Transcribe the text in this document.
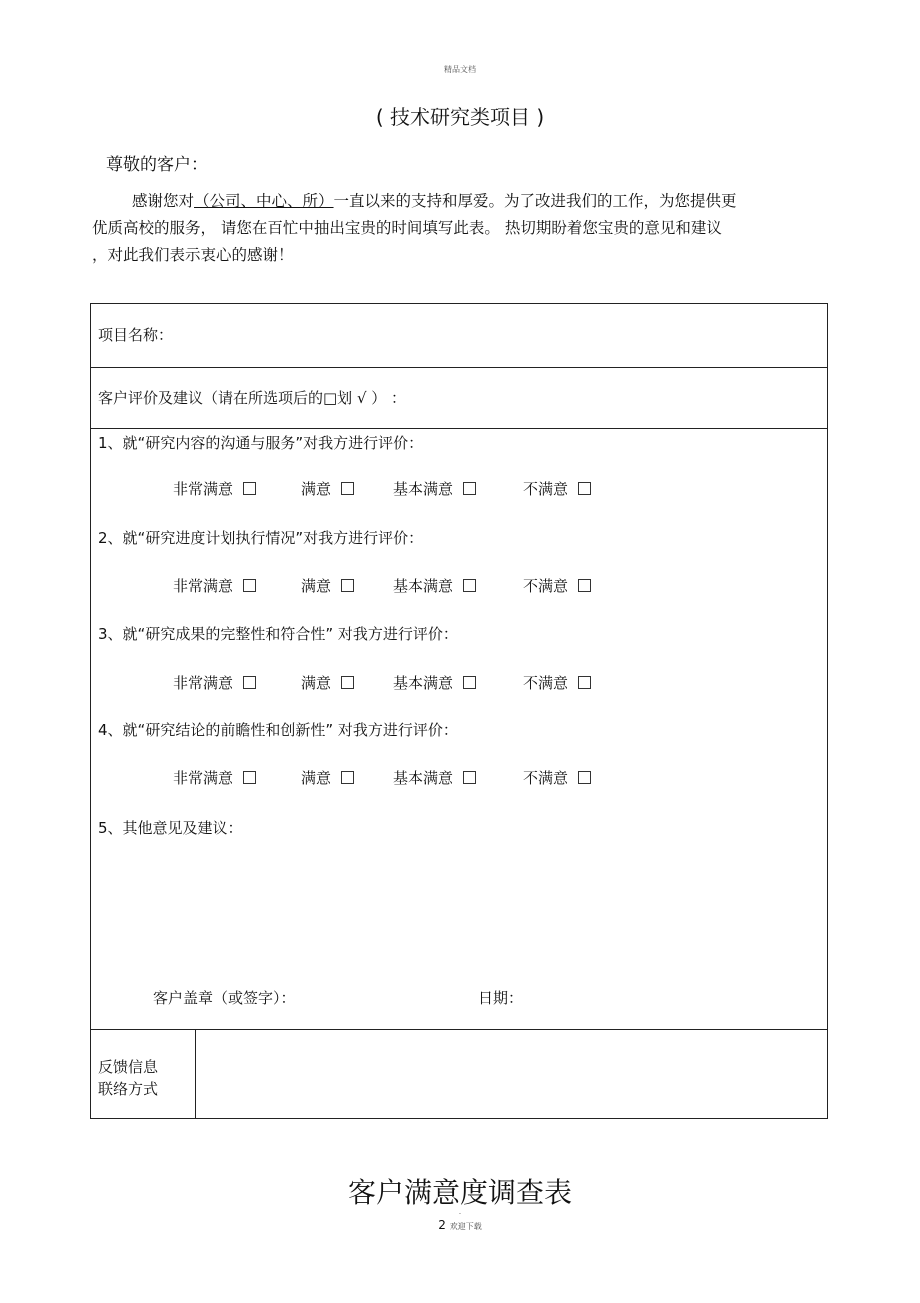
精品文档
( 技术研究类项目 )
尊敬的客户：
感谢您对（公司、中心、所）一直以来的支持和厚爱。为了改进我们的工作，为您提供更
优质高校的服务， 请您在百忙中抽出宝贵的时间填写此表。 热切期盼着您宝贵的意见和建议
，对此我们表示衷心的感谢！
项目名称：
客户评价及建议（请在所选项后的□划 √ ） ：
1、就“研究内容的沟通与服务”对我方进行评价：
非常满意	满意	基本满意	不满意
2、就“研究进度计划执行情况”对我方进行评价：
非常满意	满意	基本满意	不满意
3、就“研究成果的完整性和符合性” 对我方进行评价：
非常满意	满意	基本满意	不满意
4、就“研究结论的前瞻性和创新性” 对我方进行评价：
非常满意	满意	基本满意	不满意
5、其他意见及建议：
客户盖章（或签字）：	日期：
反馈信息
联络方式
客户满意度调查表
-
2 欢迎下载
